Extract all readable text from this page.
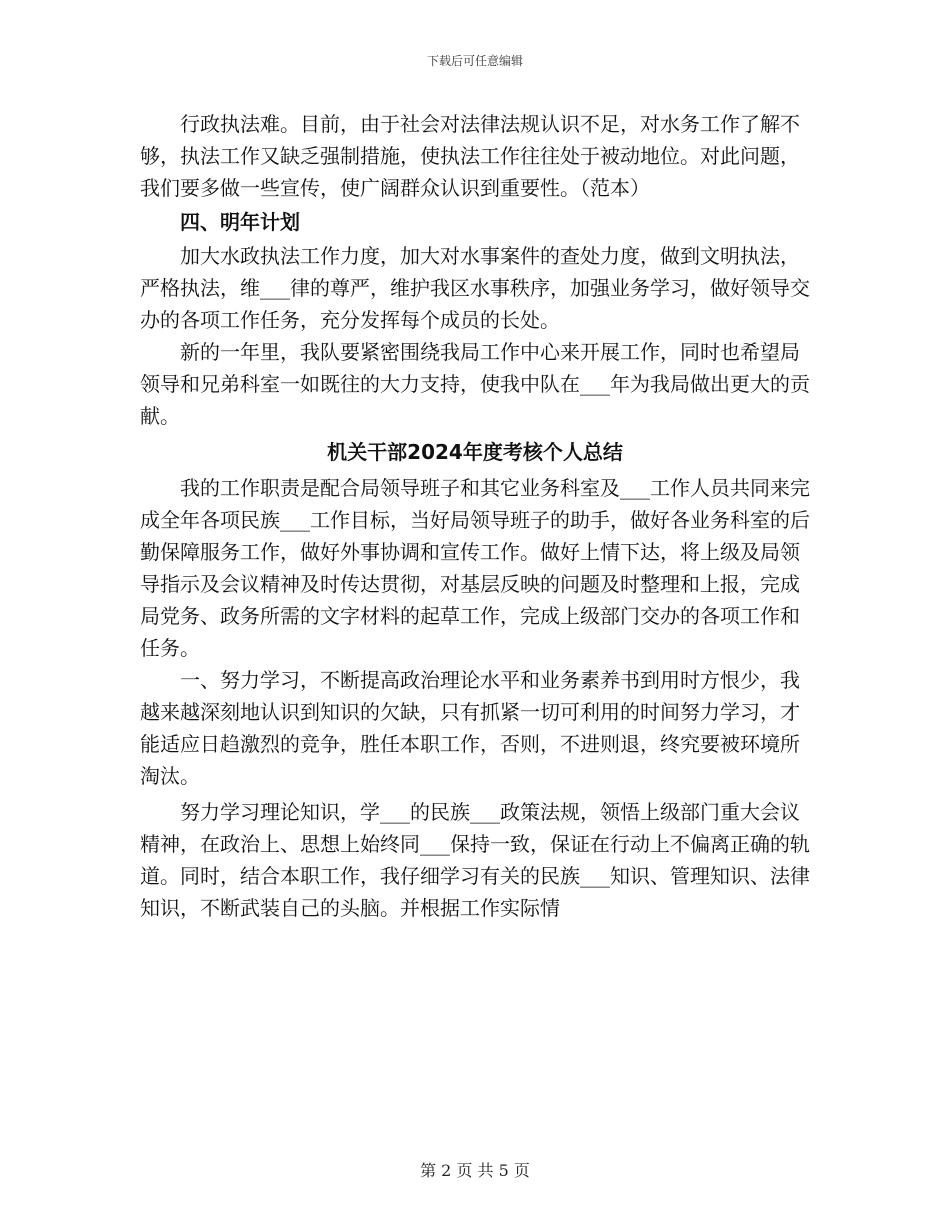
下载后可任意编辑

行政执法难。目前，由于社会对法律法规认识不足，对水务工作了解不够，执法工作又缺乏强制措施，使执法工作往往处于被动地位。对此问题，我们要多做一些宣传，使广阔群众认识到重要性。（范本）

四、明年计划

加大水政执法工作力度，加大对水事案件的查处力度，做到文明执法，严格执法，维___律的尊严，维护我区水事秩序，加强业务学习，做好领导交办的各项工作任务，充分发挥每个成员的长处。

新的一年里，我队要紧密围绕我局工作中心来开展工作，同时也希望局领导和兄弟科室一如既往的大力支持，使我中队在___年为我局做出更大的贡献。

机关干部2024年度考核个人总结

我的工作职责是配合局领导班子和其它业务科室及___工作人员共同来完成全年各项民族___工作目标，当好局领导班子的助手，做好各业务科室的后勤保障服务工作，做好外事协调和宣传工作。做好上情下达，将上级及局领导指示及会议精神及时传达贯彻，对基层反映的问题及时整理和上报，完成局党务、政务所需的文字材料的起草工作，完成上级部门交办的各项工作和任务。

一、努力学习，不断提高政治理论水平和业务素养书到用时方恨少，我越来越深刻地认识到知识的欠缺，只有抓紧一切可利用的时间努力学习，才能适应日趋激烈的竞争，胜任本职工作，否则，不进则退，终究要被环境所淘汰。

努力学习理论知识，学___的民族___政策法规，领悟上级部门重大会议精神，在政治上、思想上始终同___保持一致，保证在行动上不偏离正确的轨道。同时，结合本职工作，我仔细学习有关的民族___知识、管理知识、法律知识，不断武装自己的头脑。并根据工作实际情

第 2 页 共 5 页
